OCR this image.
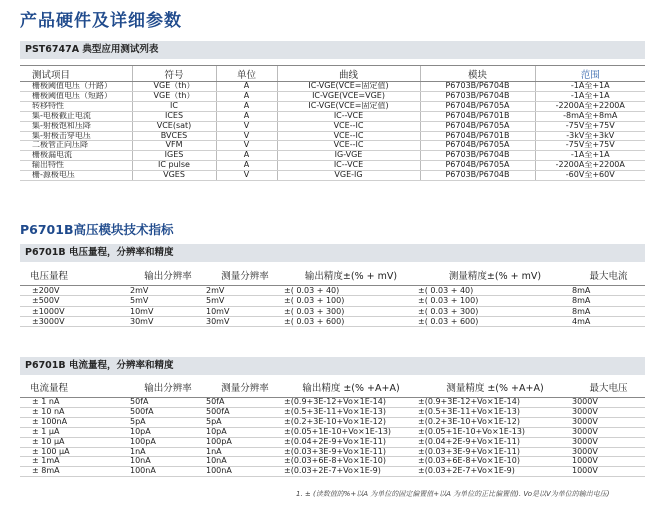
产品硬件及详细参数
PST6747A 典型应用测试列表
测试项目	符号	单位	曲线	模块	范围
栅极阈值电压（开路）	VGE（th）	A	IC-VGE(VCE=固定值)	P6703B/P6704B	-1A至+1A
栅极阈值电压（短路）	VGE（th）	A	IC-VGE(VCE=VGE)	P6703B/P6704B	-1A至+1A
转移特性	IC	A	IC-VGE(VCE=固定值)	P6704B/P6705A	-2200A至+2200A
集-电极截止电流	ICES	A	IC--VCE	P6704B/P6701B	-8mA至+8mA
集-射极饱和压降	VCE(sat)	V	VCE--IC	P6704B/P6705A	-75V至+75V
集-射极击穿电压	BVCES	V	VCE--IC	P6704B/P6701B	-3kV至+3kV
二极管正向压降	VFM	V	VCE--IC	P6704B/P6705A	-75V至+75V
栅极漏电流	IGES	A	IG-VGE	P6703B/P6704B	-1A至+1A
输出特性	IC pulse	A	IC--VCE	P6704B/P6705A	-2200A至+2200A
栅-源极电压	VGES	V	VGE-IG	P6703B/P6704B	-60V至+60V
P6701B高压模块技术指标
P6701B 电压量程，分辨率和精度
电压量程	输出分辨率	测量分辨率	输出精度±(% + mV)	测量精度±(% + mV)	最大电流
±200V	2mV	2mV	±( 0.03 + 40)	±( 0.03 + 40)	8mA
±500V	5mV	5mV	±( 0.03 + 100)	±( 0.03 + 100)	8mA
±1000V	10mV	10mV	±( 0.03 + 300)	±( 0.03 + 300)	8mA
±3000V	30mV	30mV	±( 0.03 + 600)	±( 0.03 + 600)	4mA
P6701B 电流量程，分辨率和精度
电流量程	输出分辨率	测量分辨率	输出精度 ±(% +A+A)	测量精度 ±(% +A+A)	最大电压
± 1 nA	50fA	50fA	±(0.9+3E-12+Vo×1E-14)	±(0.9+3E-12+Vo×1E-14)	3000V
± 10 nA	500fA	500fA	±(0.5+3E-11+Vo×1E-13)	±(0.5+3E-11+Vo×1E-13)	3000V
± 100nA	5pA	5pA	±(0.2+3E-10+Vo×1E-12)	±(0.2+3E-10+Vo×1E-12)	3000V
± 1 μA	10pA	10pA	±(0.05+1E-10+Vo×1E-13)	±(0.05+1E-10+Vo×1E-13)	3000V
± 10 μA	100pA	100pA	±(0.04+2E-9+Vo×1E-11)	±(0.04+2E-9+Vo×1E-11)	3000V
± 100 μA	1nA	1nA	±(0.03+3E-9+Vo×1E-11)	±(0.03+3E-9+Vo×1E-11)	3000V
± 1mA	10nA	10nA	±(0.03+6E-8+Vo×1E-10)	±(0.03+6E-8+Vo×1E-10)	1000V
± 8mA	100nA	100nA	±(0.03+2E-7+Vo×1E-9)	±(0.03+2E-7+Vo×1E-9)	1000V
1. ± (读数值的%+以A 为单位的固定偏置值+以A 为单位的正比偏置值). Vo是以V为单位的输出电压)
